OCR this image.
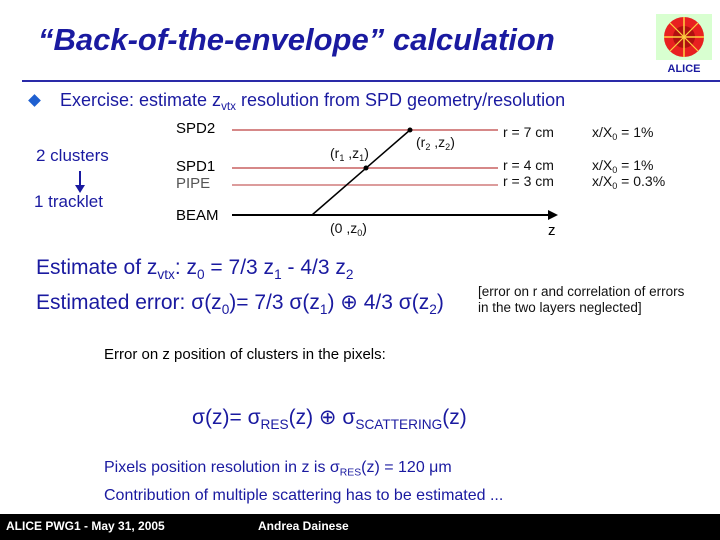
“Back-of-the-envelope” calculation
ALICE
Exercise: estimate $z_{vtx}$ resolution from SPD geometry/resolution
2 clusters
1 tracklet
SPD2
SPD1
PIPE
BEAM
($r_2$ $,z_2$)
($r_1$ $,z_1$)
(0 $,z_0$)	z
r = 7 cm
r = 4 cm
r = 3 cm
$x/X_0 = 1\%$
$x/X_0 = 1\%$
$x/X_0 = 0.3\%$
Estimate of $z_{vtx}$: $z_0 = 7/3$ $z_1 - 4/3$ $z_2$
Estimated error: $\sigma(z_0)= 7/3$ $\sigma(z_1)$ ⊕ 4/3 $\sigma(z_2)$	[error on r and correlation of errors
in the two layers neglected]
Error on z position of clusters in the pixels:
$\sigma(z)= \sigma_{RES}(z)$ ⊕ $\sigma_{SCATTERING}(z)$
Pixels position resolution in z is $\sigma_{RES}(z) = 120$ μm
Contribution of multiple scattering has to be estimated ...
ALICE PWG1 - May 31, 2005	Andrea Dainese
